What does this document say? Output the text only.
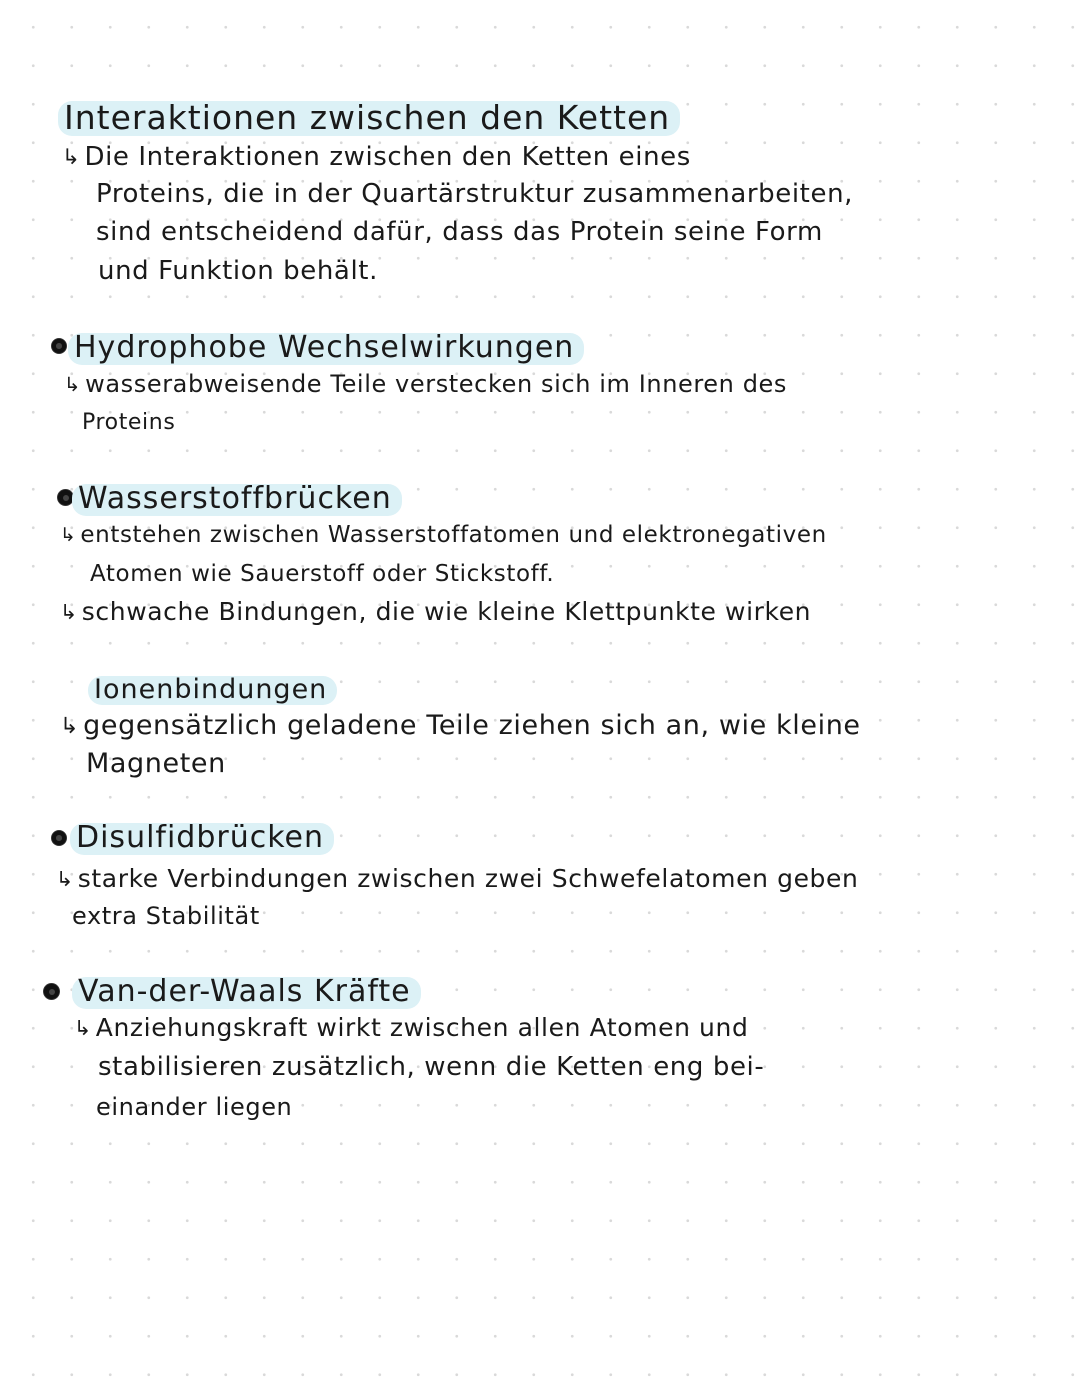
Interaktionen zwischen den Ketten
↳ Die Interaktionen zwischen den Ketten eines
Proteins, die in der Quartärstruktur zusammenarbeiten,
sind entscheidend dafür, dass das Protein seine Form
und Funktion behält.
Hydrophobe Wechselwirkungen
↳ wasserabweisende Teile verstecken sich im Inneren des
Proteins
Wasserstoffbrücken
↳ entstehen zwischen Wasserstoffatomen und elektronegativen
Atomen wie Sauerstoff oder Stickstoff.
↳ schwache Bindungen, die wie kleine Klettpunkte wirken
Ionenbindungen
↳ gegensätzlich geladene Teile ziehen sich an, wie kleine
Magneten
Disulfidbrücken
↳ starke Verbindungen zwischen zwei Schwefelatomen geben
extra Stabilität
Van-der-Waals Kräfte
↳ Anziehungskraft wirkt zwischen allen Atomen und
stabilisieren zusätzlich, wenn die Ketten eng bei-
einander liegen
